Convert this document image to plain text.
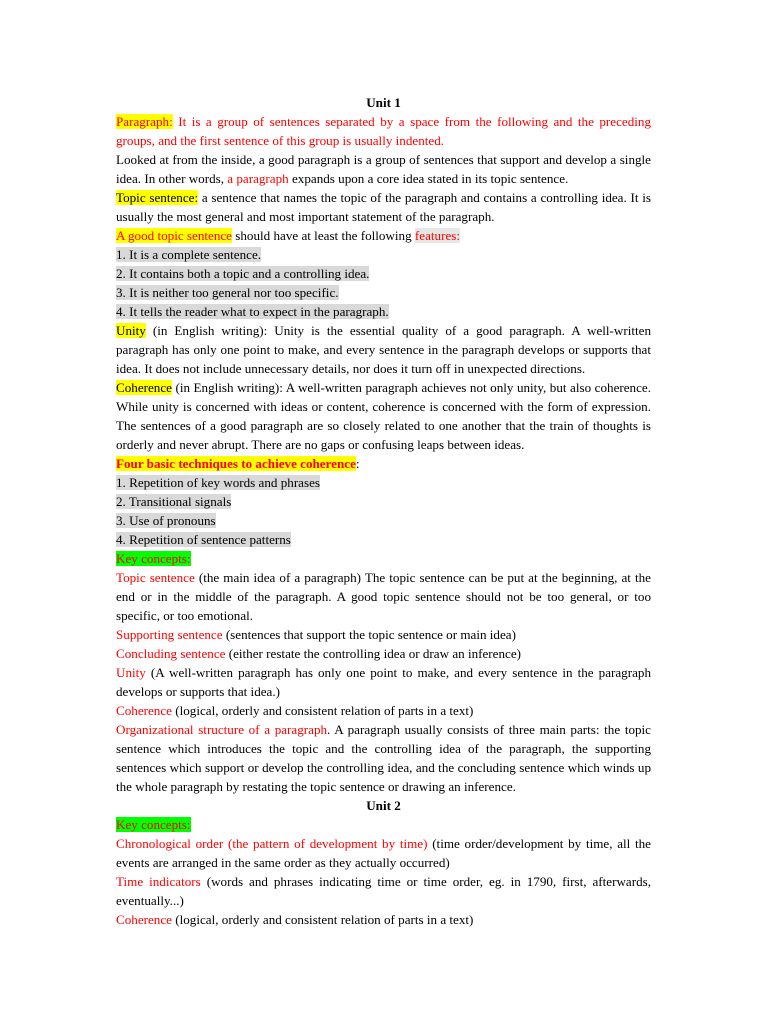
Unit 1

Paragraph: It is a group of sentences separated by a space from the following and the preceding groups, and the first sentence of this group is usually indented.

Looked at from the inside, a good paragraph is a group of sentences that support and develop a single idea. In other words, a paragraph expands upon a core idea stated in its topic sentence.

Topic sentence: a sentence that names the topic of the paragraph and contains a controlling idea. It is usually the most general and most important statement of the paragraph.

A good topic sentence should have at least the following features:

1. It is a complete sentence.

2. It contains both a topic and a controlling idea.

3. It is neither too general nor too specific.

4. It tells the reader what to expect in the paragraph.

Unity (in English writing): Unity is the essential quality of a good paragraph. A well-written paragraph has only one point to make, and every sentence in the paragraph develops or supports that idea. It does not include unnecessary details, nor does it turn off in unexpected directions.

Coherence (in English writing): A well-written paragraph achieves not only unity, but also coherence. While unity is concerned with ideas or content, coherence is concerned with the form of expression. The sentences of a good paragraph are so closely related to one another that the train of thoughts is orderly and never abrupt. There are no gaps or confusing leaps between ideas.

Four basic techniques to achieve coherence:

1. Repetition of key words and phrases

2. Transitional signals

3. Use of pronouns

4. Repetition of sentence patterns

Key concepts:

Topic sentence (the main idea of a paragraph) The topic sentence can be put at the beginning, at the end or in the middle of the paragraph. A good topic sentence should not be too general, or too specific, or too emotional.

Supporting sentence (sentences that support the topic sentence or main idea)

Concluding sentence (either restate the controlling idea or draw an inference)

Unity (A well-written paragraph has only one point to make, and every sentence in the paragraph develops or supports that idea.)

Coherence (logical, orderly and consistent relation of parts in a text)

Organizational structure of a paragraph. A paragraph usually consists of three main parts: the topic sentence which introduces the topic and the controlling idea of the paragraph, the supporting sentences which support or develop the controlling idea, and the concluding sentence which winds up the whole paragraph by restating the topic sentence or drawing an inference.

Unit 2

Key concepts:

Chronological order (the pattern of development by time) (time order/development by time, all the events are arranged in the same order as they actually occurred)

Time indicators (words and phrases indicating time or time order, eg. in 1790, first, afterwards, eventually...)

Coherence (logical, orderly and consistent relation of parts in a text)
